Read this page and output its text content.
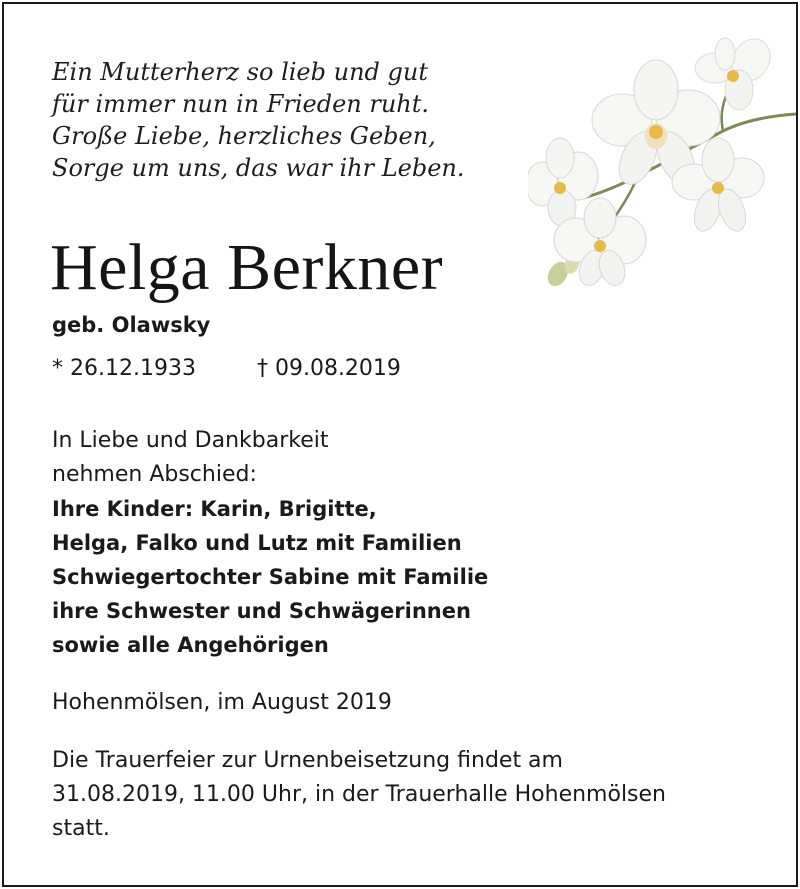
Ein Mutterherz so lieb und gut
für immer nun in Frieden ruht.
Große Liebe, herzliches Geben,
Sorge um uns, das war ihr Leben.
Helga Berkner
geb. Olawsky
* 26.12.1933	† 09.08.2019
In Liebe und Dankbarkeit
nehmen Abschied:
Ihre Kinder: Karin, Brigitte,
Helga, Falko und Lutz mit Familien
Schwiegertochter Sabine mit Familie
ihre Schwester und Schwägerinnen
sowie alle Angehörigen
Hohenmölsen, im August 2019
Die Trauerfeier zur Urnenbeisetzung findet am
31.08.2019, 11.00 Uhr, in der Trauerhalle Hohenmölsen
statt.
